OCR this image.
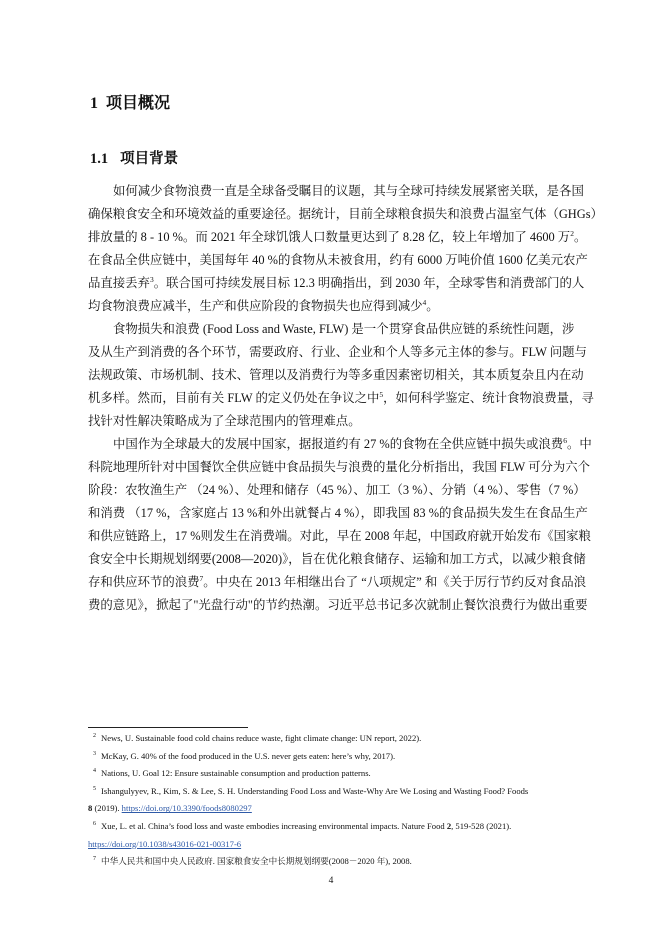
1 项目概况
1.1 项目背景
如何减少食物浪费一直是全球备受瞩目的议题，其与全球可持续发展紧密关联，是各国
确保粮食安全和环境效益的重要途径。据统计，目前全球粮食损失和浪费占温室气体（GHGs）
排放量的 8 - 10 %。而 2021 年全球饥饿人口数量更达到了 8.28 亿，较上年增加了 4600 万$^2$。
在食品全供应链中，美国每年 40 %的食物从未被食用，约有 6000 万吨价值 1600 亿美元农产
品直接丢弃$^3$。联合国可持续发展目标 12.3 明确指出，到 2030 年，全球零售和消费部门的人
均食物浪费应减半，生产和供应阶段的食物损失也应得到减少$^4$。
食物损失和浪费 (Food Loss and Waste, FLW) 是一个贯穿食品供应链的系统性问题，涉
及从生产到消费的各个环节，需要政府、行业、企业和个人等多元主体的参与。FLW 问题与
法规政策、市场机制、技术、管理以及消费行为等多重因素密切相关，其本质复杂且内在动
机多样。然而，目前有关 FLW 的定义仍处在争议之中$^5$，如何科学鉴定、统计食物浪费量，寻
找针对性解决策略成为了全球范围内的管理难点。
中国作为全球最大的发展中国家，据报道约有 27 %的食物在全供应链中损失或浪费$^6$。中
科院地理所针对中国餐饮全供应链中食品损失与浪费的量化分析指出，我国 FLW 可分为六个
阶段：农牧渔生产 （24 %）、处理和储存（45 %）、加工（3 %）、分销（4 %）、零售（7 %）
和消费 （17 %，含家庭占 13 %和外出就餐占 4 %），即我国 83 %的食品损失发生在食品生产
和供应链路上，17 %则发生在消费端。对此，早在 2008 年起，中国政府就开始发布《国家粮
食安全中长期规划纲要(2008—2020)》，旨在优化粮食储存、运输和加工方式，以减少粮食储
存和供应环节的浪费$^7$。中央在 2013 年相继出台了 “八项规定” 和《关于厉行节约反对食品浪
费的意见》，掀起了"光盘行动"的节约热潮。习近平总书记多次就制止餐饮浪费行为做出重要
$^2$ News, U. Sustainable food cold chains reduce waste, fight climate change: UN report, 2022).
$^3$ McKay, G. 40% of the food produced in the U.S. never gets eaten: here’s why, 2017).
$^4$ Nations, U. Goal 12: Ensure sustainable consumption and production patterns.
$^5$ Ishangulyyev, R., Kim, S. & Lee, S. H. Understanding Food Loss and Waste-Why Are We Losing and Wasting Food? Foods
8 (2019). https://doi.org/10.3390/foods8080297
$^6$ Xue, L. et al. China’s food loss and waste embodies increasing environmental impacts. Nature Food 2, 519-528 (2021).
https://doi.org/10.1038/s43016-021-00317-6
$^7$ 中华人民共和国中央人民政府. 国家粮食安全中长期规划纲要(2008－2020 年), 2008.
4
